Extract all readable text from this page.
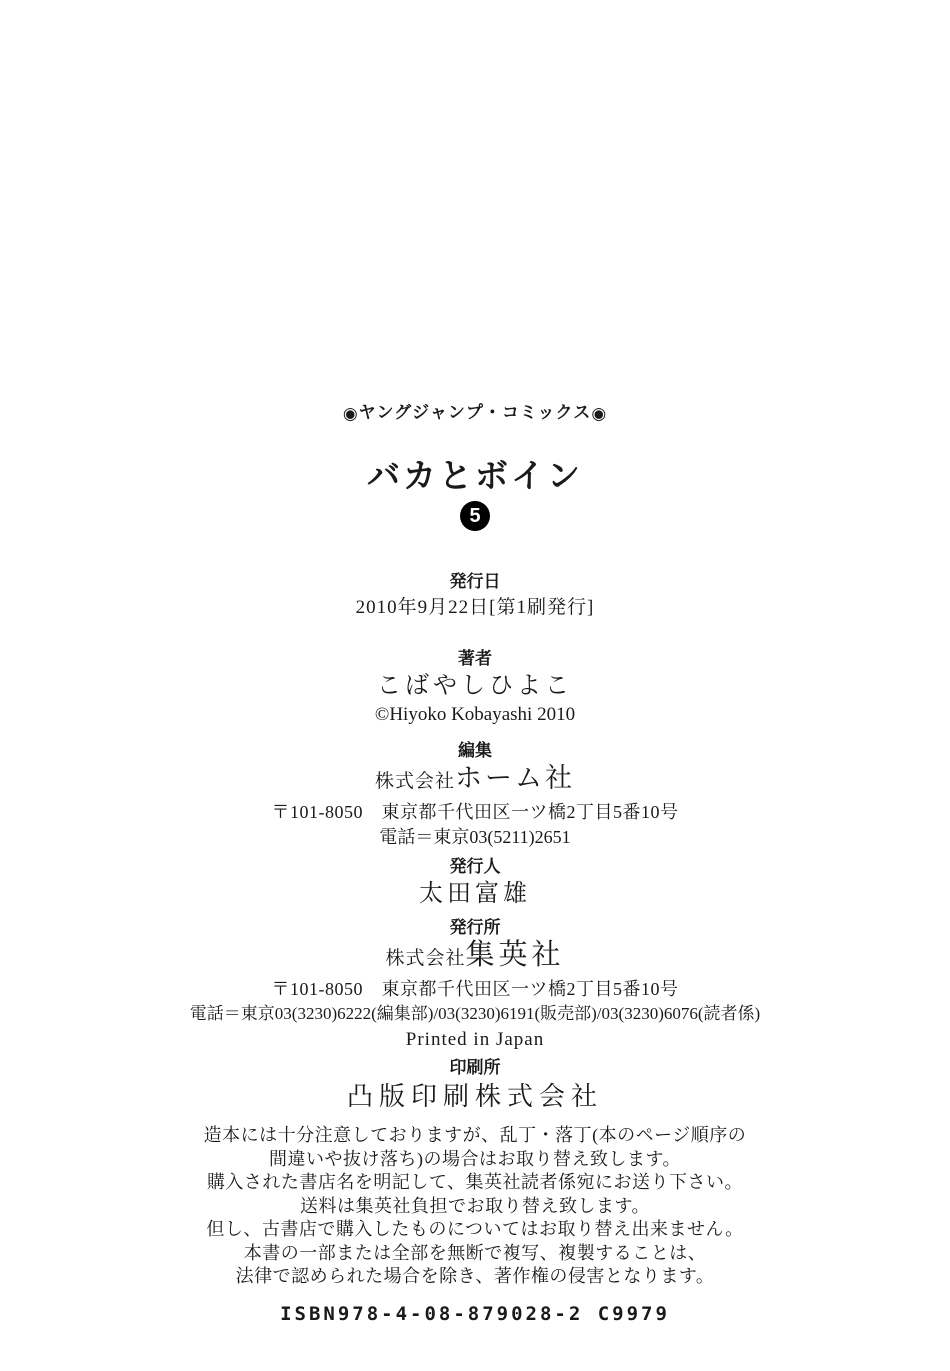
◉ヤングジャンプ・コミックス◉
バカとボイン
5
発行日
2010年9月22日[第1刷発行]
著者
こばやしひよこ
©Hiyoko Kobayashi 2010
編集
株式会社ホーム社
〒101-8050　東京都千代田区一ツ橋2丁目5番10号
電話＝東京03(5211)2651
発行人
太田富雄
発行所
株式会社集英社
〒101-8050　東京都千代田区一ツ橋2丁目5番10号
電話＝東京03(3230)6222(編集部)/03(3230)6191(販売部)/03(3230)6076(読者係)
Printed in Japan
印刷所
凸版印刷株式会社
造本には十分注意しておりますが、乱丁・落丁(本のページ順序の
間違いや抜け落ち)の場合はお取り替え致します。
購入された書店名を明記して、集英社読者係宛にお送り下さい。
送料は集英社負担でお取り替え致します。
但し、古書店で購入したものについてはお取り替え出来ません。
本書の一部または全部を無断で複写、複製することは、
法律で認められた場合を除き、著作権の侵害となります。
ISBN978-4-08-879028-2 C9979
